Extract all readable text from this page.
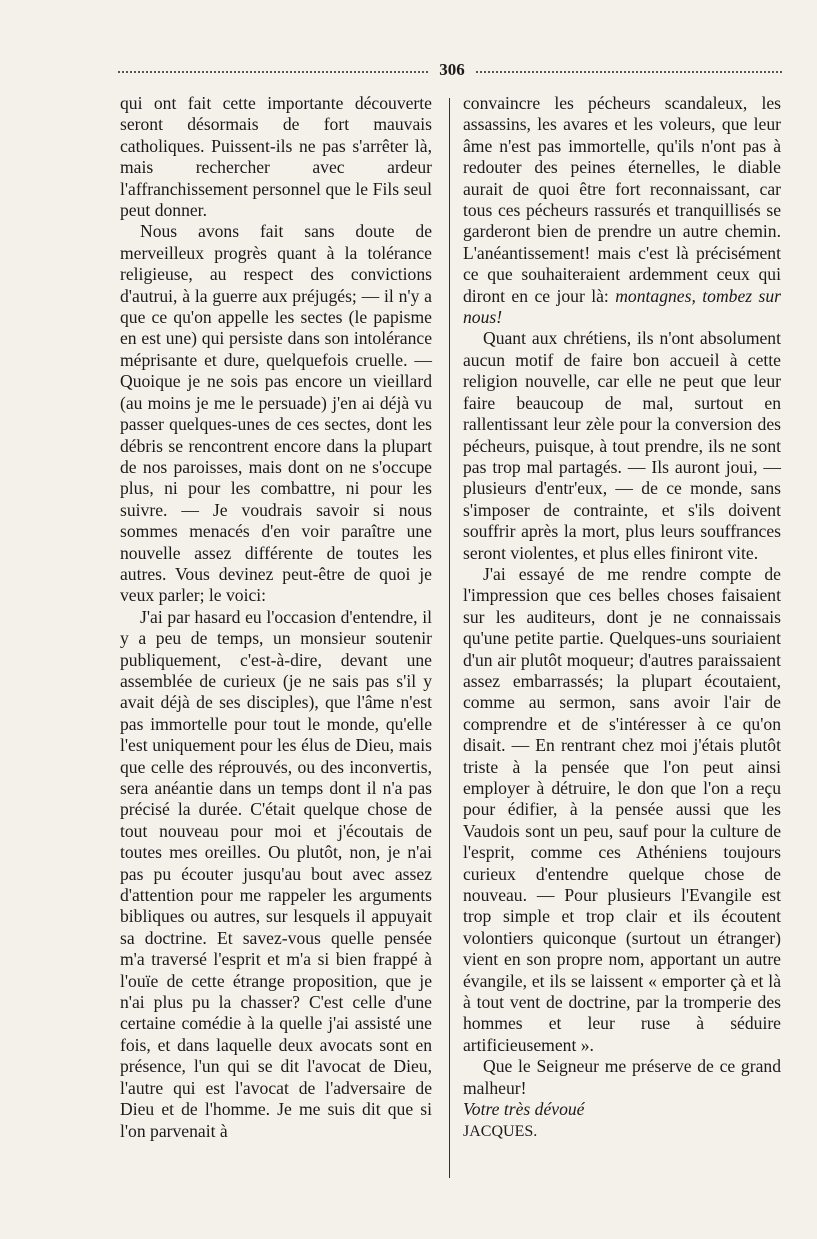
306

qui ont fait cette importante découverte seront désormais de fort mauvais catholiques. Puissent-ils ne pas s'arrêter là, mais rechercher avec ardeur l'affranchissement personnel que le Fils seul peut donner.

Nous avons fait sans doute de merveilleux progrès quant à la tolérance religieuse, au respect des convictions d'autrui, à la guerre aux préjugés; — il n'y a que ce qu'on appelle les sectes (le papisme en est une) qui persiste dans son intolérance méprisante et dure, quelquefois cruelle. — Quoique je ne sois pas encore un vieillard (au moins je me le persuade) j'en ai déjà vu passer quelques-unes de ces sectes, dont les débris se rencontrent encore dans la plupart de nos paroisses, mais dont on ne s'occupe plus, ni pour les combattre, ni pour les suivre. — Je voudrais savoir si nous sommes menacés d'en voir paraître une nouvelle assez différente de toutes les autres. Vous devinez peut-être de quoi je veux parler; le voici:

J'ai par hasard eu l'occasion d'entendre, il y a peu de temps, un monsieur soutenir publiquement, c'est-à-dire, devant une assemblée de curieux (je ne sais pas s'il y avait déjà de ses disciples), que l'âme n'est pas immortelle pour tout le monde, qu'elle l'est uniquement pour les élus de Dieu, mais que celle des réprouvés, ou des inconvertis, sera anéantie dans un temps dont il n'a pas précisé la durée. C'était quelque chose de tout nouveau pour moi et j'écoutais de toutes mes oreilles. Ou plutôt, non, je n'ai pas pu écouter jusqu'au bout avec assez d'attention pour me rappeler les arguments bibliques ou autres, sur lesquels il appuyait sa doctrine. Et savez-vous quelle pensée m'a traversé l'esprit et m'a si bien frappé à l'ouïe de cette étrange proposition, que je n'ai plus pu la chasser? C'est celle d'une certaine comédie à la quelle j'ai assisté une fois, et dans laquelle deux avocats sont en présence, l'un qui se dit l'avocat de Dieu, l'autre qui est l'avocat de l'adversaire de Dieu et de l'homme. Je me suis dit que si l'on parvenait à

convaincre les pécheurs scandaleux, les assassins, les avares et les voleurs, que leur âme n'est pas immortelle, qu'ils n'ont pas à redouter des peines éternelles, le diable aurait de quoi être fort reconnaissant, car tous ces pécheurs rassurés et tranquillisés se garderont bien de prendre un autre chemin. L'anéantissement! mais c'est là précisément ce que souhaiteraient ardemment ceux qui diront en ce jour là: montagnes, tombez sur nous!

Quant aux chrétiens, ils n'ont absolument aucun motif de faire bon accueil à cette religion nouvelle, car elle ne peut que leur faire beaucoup de mal, surtout en rallentissant leur zèle pour la conversion des pécheurs, puisque, à tout prendre, ils ne sont pas trop mal partagés. — Ils auront joui, — plusieurs d'entr'eux, — de ce monde, sans s'imposer de contrainte, et s'ils doivent souffrir après la mort, plus leurs souffrances seront violentes, et plus elles finiront vite.

J'ai essayé de me rendre compte de l'impression que ces belles choses faisaient sur les auditeurs, dont je ne connaissais qu'une petite partie. Quelques-uns souriaient d'un air plutôt moqueur; d'autres paraissaient assez embarrassés; la plupart écoutaient, comme au sermon, sans avoir l'air de comprendre et de s'intéresser à ce qu'on disait. — En rentrant chez moi j'étais plutôt triste à la pensée que l'on peut ainsi employer à détruire, le don que l'on a reçu pour édifier, à la pensée aussi que les Vaudois sont un peu, sauf pour la culture de l'esprit, comme ces Athéniens toujours curieux d'entendre quelque chose de nouveau. — Pour plusieurs l'Evangile est trop simple et trop clair et ils écoutent volontiers quiconque (surtout un étranger) vient en son propre nom, apportant un autre évangile, et ils se laissent « emporter çà et là à tout vent de doctrine, par la tromperie des hommes et leur ruse à séduire artificieusement ».

Que le Seigneur me préserve de ce grand malheur!

Votre très dévoué

JACQUES.
